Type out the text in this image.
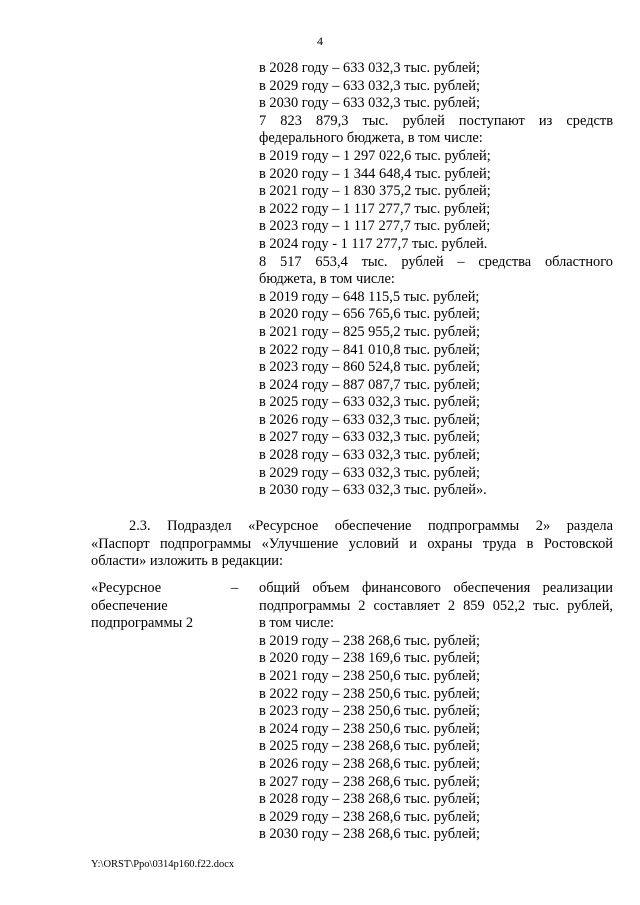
4
в 2028 году – 633 032,3 тыс. рублей;
в 2029 году – 633 032,3 тыс. рублей;
в 2030 году – 633 032,3 тыс. рублей;
7 823 879,3 тыс. рублей поступают из средств
федерального бюджета, в том числе:
в 2019 году – 1 297 022,6 тыс. рублей;
в 2020 году – 1 344 648,4 тыс. рублей;
в 2021 году – 1 830 375,2 тыс. рублей;
в 2022 году – 1 117 277,7 тыс. рублей;
в 2023 году – 1 117 277,7 тыс. рублей;
в 2024 году - 1 117 277,7 тыс. рублей.
8 517 653,4 тыс. рублей – средства областного
бюджета, в том числе:
в 2019 году – 648 115,5 тыс. рублей;
в 2020 году – 656 765,6 тыс. рублей;
в 2021 году – 825 955,2 тыс. рублей;
в 2022 году – 841 010,8 тыс. рублей;
в 2023 году – 860 524,8 тыс. рублей;
в 2024 году – 887 087,7 тыс. рублей;
в 2025 году – 633 032,3 тыс. рублей;
в 2026 году – 633 032,3 тыс. рублей;
в 2027 году – 633 032,3 тыс. рублей;
в 2028 году – 633 032,3 тыс. рублей;
в 2029 году – 633 032,3 тыс. рублей;
в 2030 году – 633 032,3 тыс. рублей».
2.3. Подраздел «Ресурсное обеспечение подпрограммы 2» раздела
«Паспорт подпрограммы «Улучшение условий и охраны труда в Ростовской
области» изложить в редакции:
«Ресурсное
обеспечение
подпрограммы 2
– общий объем финансового обеспечения реализации
подпрограммы 2 составляет 2 859 052,2 тыс. рублей,
в том числе:
в 2019 году – 238 268,6 тыс. рублей;
в 2020 году – 238 169,6 тыс. рублей;
в 2021 году – 238 250,6 тыс. рублей;
в 2022 году – 238 250,6 тыс. рублей;
в 2023 году – 238 250,6 тыс. рублей;
в 2024 году – 238 250,6 тыс. рублей;
в 2025 году – 238 268,6 тыс. рублей;
в 2026 году – 238 268,6 тыс. рублей;
в 2027 году – 238 268,6 тыс. рублей;
в 2028 году – 238 268,6 тыс. рублей;
в 2029 году – 238 268,6 тыс. рублей;
в 2030 году – 238 268,6 тыс. рублей;
Y:\ORST\Ppo\0314p160.f22.docx
